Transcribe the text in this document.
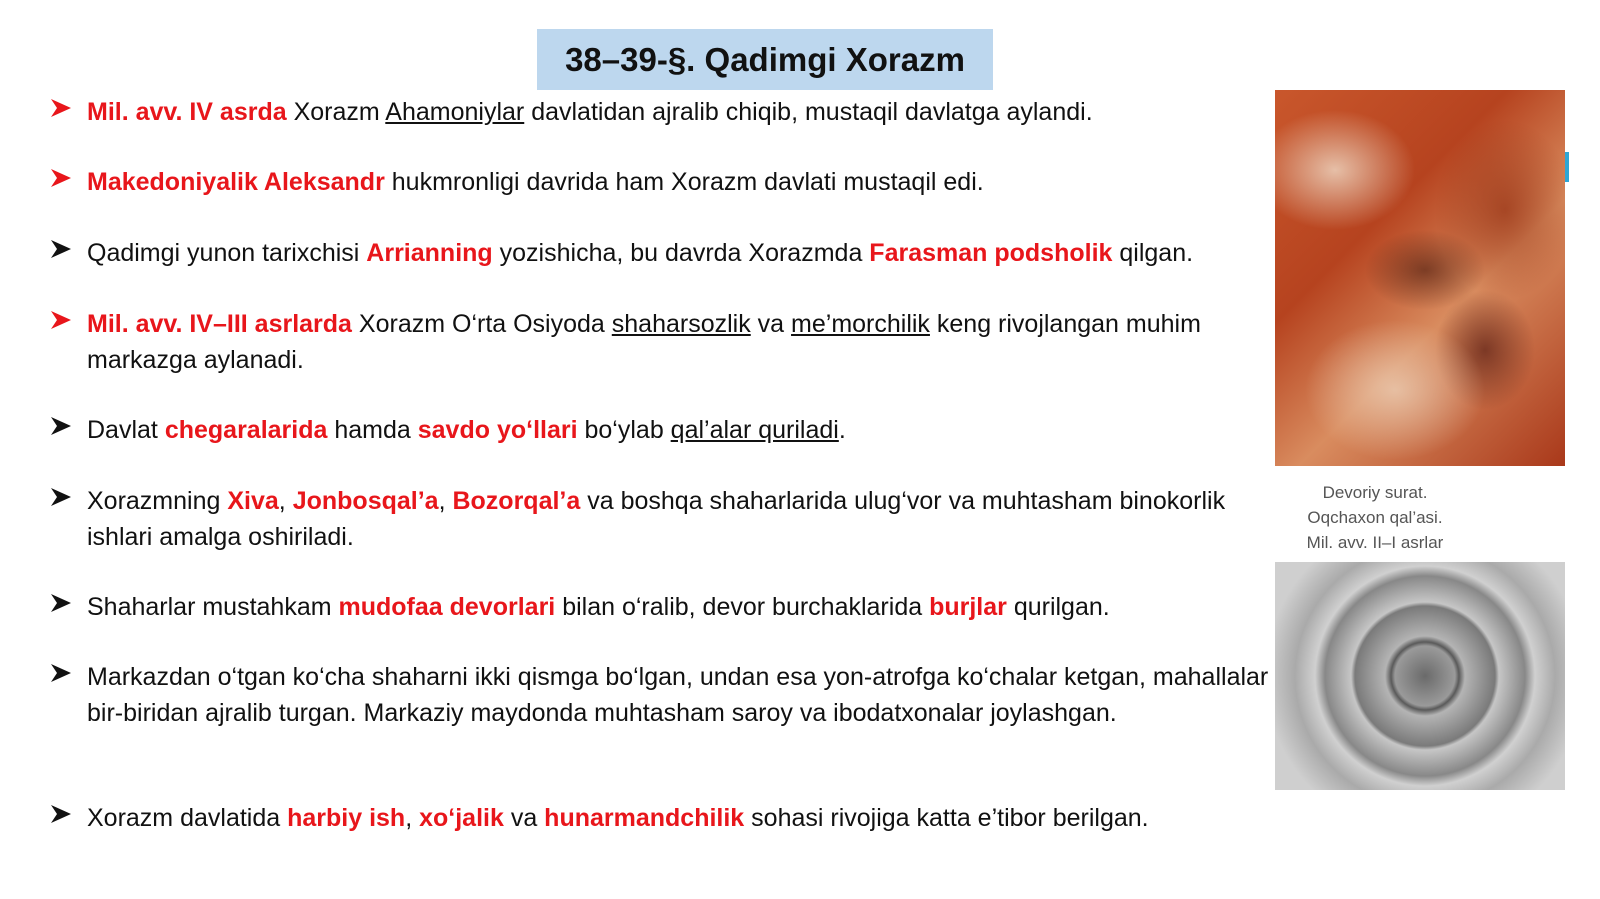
38–39-§. Qadimgi Xorazm
Mil. avv. IV asrda Xorazm Ahamoniylar davlatidan ajralib chiqib, mustaqil davlatga aylandi.
Makedoniyalik Aleksandr hukmronligi davrida ham Xorazm davlati mustaqil edi.
Qadimgi yunon tarixchisi Arrianning yozishicha, bu davrda Xorazmda Farasman podsholik qilgan.
Mil. avv. IV–III asrlarda Xorazm O‘rta Osiyoda shaharsozlik va me’morchilik keng rivojlangan muhim markazga aylanadi.
Davlat chegaralarida hamda savdo yo‘llari bo‘ylab qal’alar quriladi.
Xorazmning Xiva, Jonbosqal’a, Bozorqal’a va boshqa shaharlarida ulug‘vor va muhtasham binokorlik ishlari amalga oshiriladi.
Shaharlar mustahkam mudofaa devorlari bilan o‘ralib, devor burchaklarida burjlar qurilgan.
Markazdan o‘tgan ko‘cha shaharni ikki qismga bo‘lgan, undan esa yon-atrofga ko‘chalar ketgan, mahallalar bir-biridan ajralib turgan. Markaziy maydonda muhtasham saroy va ibodatxonalar joylashgan.
Xorazm davlatida harbiy ish, xo‘jalik va hunarmandchilik sohasi rivojiga katta e’tibor berilgan.
Devoriy surat.
Oqchaxon qal’asi.
Mil. avv. II–I asrlar
